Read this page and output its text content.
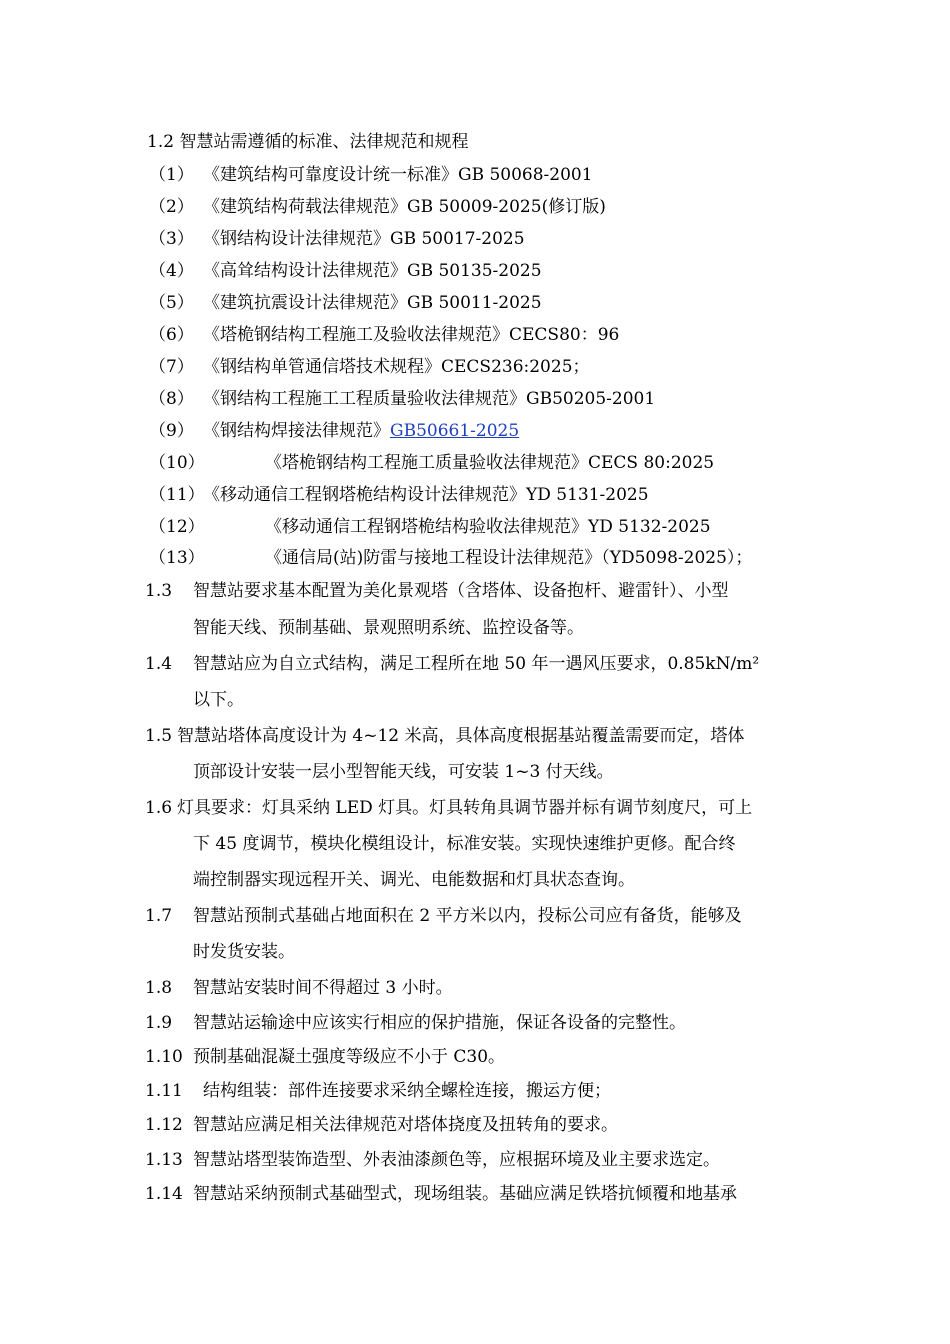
1.2 智慧站需遵循的标准、法律规范和规程
（1） 《建筑结构可靠度设计统一标准》GB 50068-2001
（2） 《建筑结构荷载法律规范》GB 50009-2025(修订版)
（3） 《钢结构设计法律规范》GB 50017-2025
（4） 《高耸结构设计法律规范》GB 50135-2025
（5） 《建筑抗震设计法律规范》GB 50011-2025
（6） 《塔桅钢结构工程施工及验收法律规范》CECS80：96
（7） 《钢结构单管通信塔技术规程》CECS236:2025；
（8） 《钢结构工程施工工程质量验收法律规范》GB50205-2001
（9） 《钢结构焊接法律规范》GB50661-2025
（10）	《塔桅钢结构工程施工质量验收法律规范》CECS 80:2025
（11）《移动通信工程钢塔桅结构设计法律规范》YD 5131-2025
（12）	《移动通信工程钢塔桅结构验收法律规范》YD 5132-2025
（13）	《通信局(站)防雷与接地工程设计法律规范》（YD5098-2025）；
1.3 智慧站要求基本配置为美化景观塔（含塔体、设备抱杆、避雷针）、小型
智能天线、预制基础、景观照明系统、监控设备等。
1.4 智慧站应为自立式结构，满足工程所在地 50 年一遇风压要求，0.85kN/m²
以下。
1.5 智慧站塔体高度设计为 4~12 米高，具体高度根据基站覆盖需要而定，塔体
顶部设计安装一层小型智能天线，可安装 1~3 付天线。
1.6 灯具要求：灯具采纳 LED 灯具。灯具转角具调节器并标有调节刻度尺，可上
下 45 度调节，模块化模组设计，标准安装。实现快速维护更修。配合终
端控制器实现远程开关、调光、电能数据和灯具状态查询。
1.7 智慧站预制式基础占地面积在 2 平方米以内，投标公司应有备货，能够及
时发货安装。
1.8 智慧站安装时间不得超过 3 小时。
1.9 智慧站运输途中应该实行相应的保护措施，保证各设备的完整性。
1.10 预制基础混凝土强度等级应不小于 C30。
1.11 结构组装：部件连接要求采纳全螺栓连接，搬运方便；
1.12 智慧站应满足相关法律规范对塔体挠度及扭转角的要求。
1.13 智慧站塔型装饰造型、外表油漆颜色等，应根据环境及业主要求选定。
1.14 智慧站采纳预制式基础型式，现场组装。基础应满足铁塔抗倾覆和地基承
